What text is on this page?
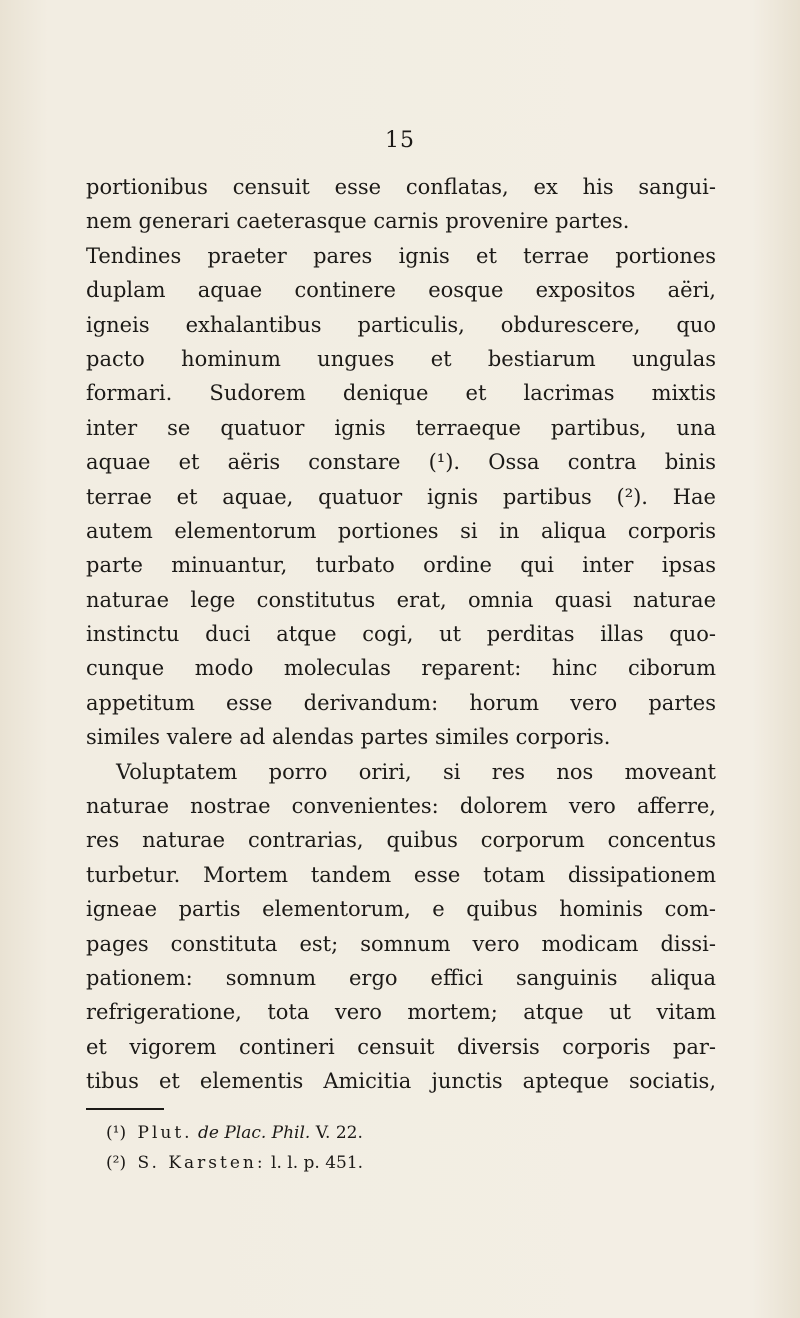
15
portionibus censuit esse conflatas, ex his sangui-
nem generari caeterasque carnis provenire partes.
Tendines praeter pares ignis et terrae portiones
duplam aquae continere eosque expositos aëri,
igneis exhalantibus particulis, obdurescere, quo
pacto hominum ungues et bestiarum ungulas
formari. Sudorem denique et lacrimas mixtis
inter se quatuor ignis terraeque partibus, una
aquae et aëris constare (¹). Ossa contra binis
terrae et aquae, quatuor ignis partibus (²). Hae
autem elementorum portiones si in aliqua corporis
parte minuantur, turbato ordine qui inter ipsas
naturae lege constitutus erat, omnia quasi naturae
instinctu duci atque cogi, ut perditas illas quo-
cunque modo moleculas reparent: hinc ciborum
appetitum esse derivandum: horum vero partes
similes valere ad alendas partes similes corporis.
Voluptatem porro oriri, si res nos moveant
naturae nostrae convenientes: dolorem vero afferre,
res naturae contrarias, quibus corporum concentus
turbetur. Mortem tandem esse totam dissipationem
igneae partis elementorum, e quibus hominis com-
pages constituta est; somnum vero modicam dissi-
pationem: somnum ergo effici sanguinis aliqua
refrigeratione, tota vero mortem; atque ut vitam
et vigorem contineri censuit diversis corporis par-
tibus et elementis Amicitia junctis apteque sociatis,
(¹) Plut. de Plac. Phil. V. 22.
(²) S. Karsten: l. l. p. 451.
